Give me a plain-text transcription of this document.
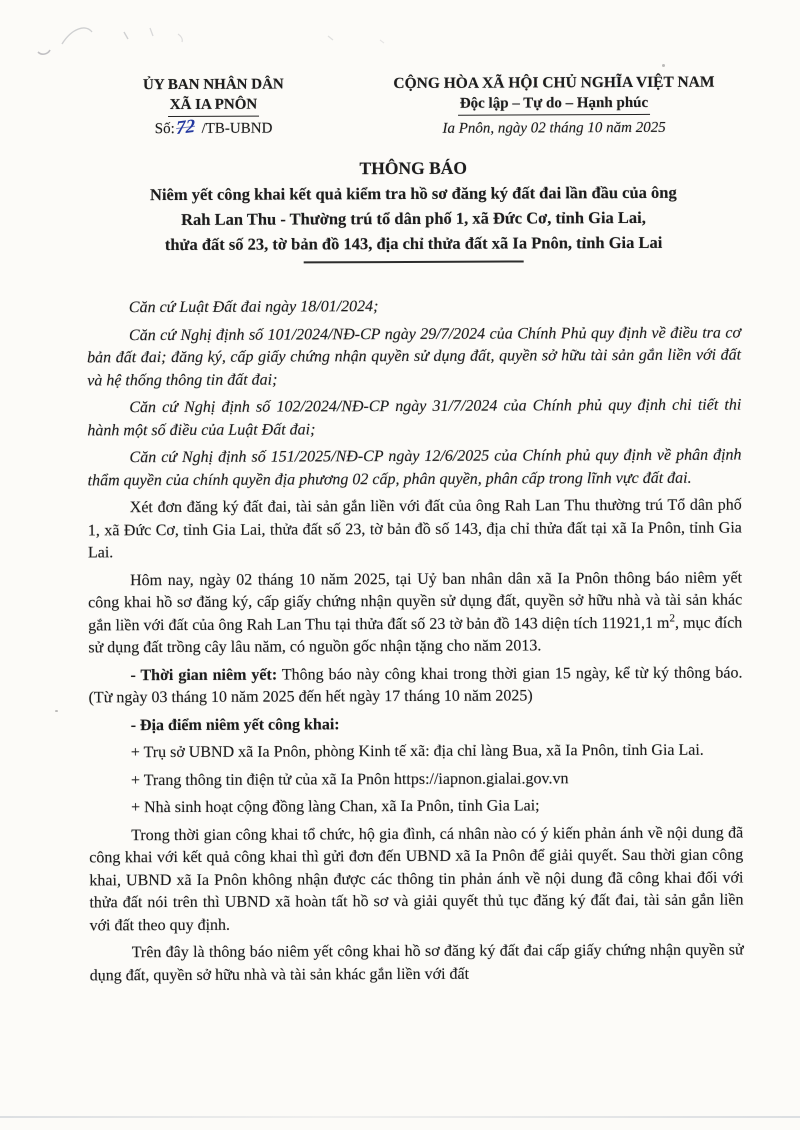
ỦY BAN NHÂN DÂN
XÃ IA PNÔN
Số:72 /TB-UBND
CỘNG HÒA XÃ HỘI CHỦ NGHĨA VIỆT NAM
Độc lập – Tự do – Hạnh phúc
Ia Pnôn, ngày 02 tháng 10 năm 2025
THÔNG BÁO
Niêm yết công khai kết quả kiểm tra hồ sơ đăng ký đất đai lần đầu của ông
Rah Lan Thu - Thường trú tổ dân phố 1, xã Đức Cơ, tỉnh Gia Lai,
thửa đất số 23, tờ bản đồ 143, địa chỉ thửa đất xã Ia Pnôn, tỉnh Gia Lai

Căn cứ Luật Đất đai ngày 18/01/2024;

Căn cứ Nghị định số 101/2024/NĐ-CP ngày 29/7/2024 của Chính Phủ quy định về điều tra cơ bản đất đai; đăng ký, cấp giấy chứng nhận quyền sử dụng đất, quyền sở hữu tài sản gắn liền với đất và hệ thống thông tin đất đai;

Căn cứ Nghị định số 102/2024/NĐ-CP ngày 31/7/2024 của Chính phủ quy định chi tiết thi hành một số điều của Luật Đất đai;

Căn cứ Nghị định số 151/2025/NĐ-CP ngày 12/6/2025 của Chính phủ quy định về phân định thẩm quyền của chính quyền địa phương 02 cấp, phân quyền, phân cấp trong lĩnh vực đất đai.

Xét đơn đăng ký đất đai, tài sản gắn liền với đất của ông Rah Lan Thu thường trú Tổ dân phố 1, xã Đức Cơ, tỉnh Gia Lai, thửa đất số 23, tờ bản đồ số 143, địa chỉ thửa đất tại xã Ia Pnôn, tỉnh Gia Lai.

Hôm nay, ngày 02 tháng 10 năm 2025, tại Uỷ ban nhân dân xã Ia Pnôn thông báo niêm yết công khai hồ sơ đăng ký, cấp giấy chứng nhận quyền sử dụng đất, quyền sở hữu nhà và tài sản khác gắn liền với đất của ông Rah Lan Thu tại thửa đất số 23 tờ bản đồ 143 diện tích 11921,1 $m^2$, mục đích sử dụng đất trồng cây lâu năm, có nguồn gốc nhận tặng cho năm 2013.

- Thời gian niêm yết: Thông báo này công khai trong thời gian 15 ngày, kể từ ký thông báo. (Từ ngày 03 tháng 10 năm 2025 đến hết ngày 17 tháng 10 năm 2025)

- Địa điểm niêm yết công khai:

+ Trụ sở UBND xã Ia Pnôn, phòng Kinh tế xã: địa chỉ làng Bua, xã Ia Pnôn, tỉnh Gia Lai.

+ Trang thông tin điện tử của xã Ia Pnôn https://iapnon.gialai.gov.vn

+ Nhà sinh hoạt cộng đồng làng Chan, xã Ia Pnôn, tỉnh Gia Lai;

Trong thời gian công khai tổ chức, hộ gia đình, cá nhân nào có ý kiến phản ánh về nội dung đã công khai với kết quả công khai thì gửi đơn đến UBND xã Ia Pnôn để giải quyết. Sau thời gian công khai, UBND xã Ia Pnôn không nhận được các thông tin phản ánh về nội dung đã công khai đối với thửa đất nói trên thì UBND xã hoàn tất hồ sơ và giải quyết thủ tục đăng ký đất đai, tài sản gắn liền với đất theo quy định.

Trên đây là thông báo niêm yết công khai hồ sơ đăng ký đất đai cấp giấy chứng nhận quyền sử dụng đất, quyền sở hữu nhà và tài sản khác gắn liền với đất
